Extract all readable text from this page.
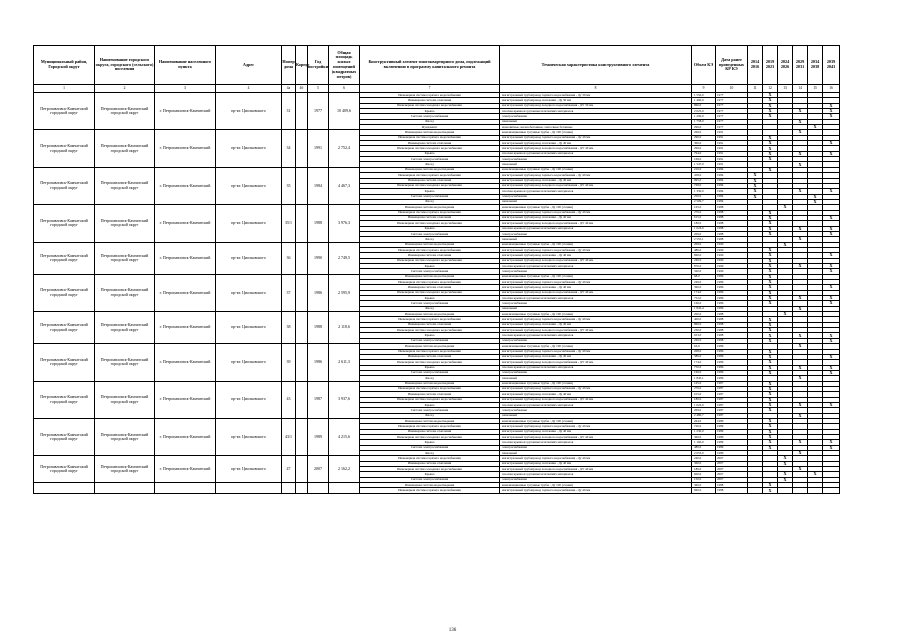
Муниципальный район, Городской округ	Наименование городского округа, городского (сельского) поселения	Наименование населенного пункта	Адрес	Номер дома	Корпус	Год постройки	Общая площадь жилых помещений (квадратных метров)	Конструктивный элемент многоквартирного дома, подлежащий включению в программу капитального ремонта	Техническая характеристика конструктивного элемента	Объем КЭ	Дата ранее проведенных КР КЭ	2014 2016	2019 2023	2024 2026	2029 2031	2034 2038	2039 2043
1	2	3	4	4а	4б	5	6	7	8	9	10	11	12	13	14	15	16
Петропавловск-Камчатский городской округ	Петропавловск-Камчатский городской округ	г. Петропавловск-Камчатский	пр-кт. Циолковского	31		1977	10 409,6	Инженерная система горячего водоснабжения	магистральный трубопровод горячего водоснабжения - Ду 30 мм	1 550,0	1977		X				
								Инженерная система отопления	магистральный трубопровод отопления - Ду 30 мм	1 460,0	1977		X				
								Инженерная система холодного водоснабжения	магистральный трубопровод холодного водоснабжения - ДУ 30 мм	866,0	1977		X				X
								Крыша	плоская крыша из рулонных или мягких материалов	2 025,0	1977		X		X		X
								Система электроснабжения	электроснабжение	1 200,0	1977		X				X
								Фасад	панельный	1 758,0	1977				X		
								Фундамент	монолитные, железобетонные, ленточные бетонные	296,0	1977					X	
Петропавловск-Камчатский городской округ	Петропавловск-Камчатский городской округ	г. Петропавловск-Камчатский	пр-кт. Циолковского	34		1991	2 752,4	Инженерная система водоотведения	канализационные чугунные трубы - Ду 100 (стояки)	269,0	1991				X		
								Инженерная система горячего водоснабжения	магистральный трубопровод горячего водоснабжения - Ду 40 мм	290,0	1991		X				
								Инженерная система отопления	магистральный трубопровод отопления - Ду 40 мм	306,0	1991		X				X
								Инженерная система холодного водоснабжения	магистральный трубопровод холодного водоснабжения - ДУ 40 мм	299,0	1991		X				
								Крыша	плоская крыша из рулонных или мягких материалов	794,0	1991		X		X		X
								Система электроснабжения	электроснабжение	169,0	1991		X				
								Фасад	панельный	1 547,0	1991				X		
Петропавловск-Камчатский городской округ	Петропавловск-Камчатский городской округ	г. Петропавловск-Камчатский	пр-кт. Циолковского	35		1984	4 467,3	Инженерная система водоотведения	канализационные чугунные трубы - Ду 100 (стояки)	210,0	1984		X				
								Инженерная система горячего водоснабжения	магистральный трубопровод горячего водоснабжения - Ду 40 мм	458,0	1984	X					
								Инженерная система отопления	магистральный трубопровод отопления - Ду 40 мм	995,0	1984	X					
								Инженерная система холодного водоснабжения	магистральный трубопровод холодного водоснабжения - ДУ 40 мм	728,0	1984	X					
								Крыша	плоская крыша из рулонных или мягких материалов	1 330,0	1984	X			X		X
								Система электроснабжения	электроснабжение	250,0	1984	X				X	
								Фасад	панельный	2 509,7	1984					X	
Петропавловск-Камчатский городской округ	Петропавловск-Камчатский городской округ	г. Петропавловск-Камчатский	пр-кт. Циолковского	35/1		1988	3 976,3	Инженерная система водоотведения	канализационные чугунные трубы - Ду 100 (стояки)	165,0	1988			X			
								Инженерная система горячего водоснабжения	магистральный трубопровод горячего водоснабжения - Ду 40 мм	270,0	1988		X				
								Инженерная система отопления	магистральный трубопровод отопления - Ду 40 мм	615,0	1988		X				X
								Инженерная система холодного водоснабжения	магистральный трубопровод холодного водоснабжения - ДУ 40 мм	180,0	1988		X				
								Крыша	плоская крыша из рулонных или мягких материалов	1 024,0	1988		X		X		X
								Система электроснабжения	электроснабжение	209,0	1988		X				X
								Фасад	панельный	2 555,1	1988				X		
Петропавловск-Камчатский городской округ	Петропавловск-Камчатский городской округ	г. Петропавловск-Камчатский	пр-кт. Циолковского	36		1990	2 749,5	Инженерная система водоотведения	канализационные чугунные трубы - Ду 100 (стояки)	209,0	1990			X			
								Инженерная система горячего водоснабжения	магистральный трубопровод горячего водоснабжения - Ду 40 мм	480,0	1990		X				
								Инженерная система отопления	магистральный трубопровод отопления - Ду 40 мм	960,0	1990		X				X
								Инженерная система холодного водоснабжения	магистральный трубопровод холодного водоснабжения - ДУ 40 мм	240,0	1990		X				
								Крыша	плоская крыша из рулонных или мягких материалов	870,0	1990		X		X		X
								Система электроснабжения	электроснабжение	320,0	1990		X				X
Петропавловск-Камчатский городской округ	Петропавловск-Камчатский городской округ	г. Петропавловск-Камчатский	пр-кт. Циолковского	37		1986	2 595,9	Инженерная система водоотведения	канализационные чугунные трубы - Ду 100 (стояки)	68,0	1986		X				
								Инженерная система горячего водоснабжения	магистральный трубопровод горячего водоснабжения - Ду 40 мм	249,0	1986		X				
								Инженерная система отопления	магистральный трубопровод отопления - Ду 40 мм	390,0	1986		X				X
								Инженерная система холодного водоснабжения	магистральный трубопровод холодного водоснабжения - ДУ 40 мм	174,0	1986		X				
								Крыша	плоская крыша из рулонных или мягких материалов	752,0	1986		X		X		X
								Система электроснабжения	электроснабжение	166,0	1986		X				X
								Фасад	панельный	1 845,4	1986				X		
Петропавловск-Камчатский городской округ	Петропавловск-Камчатский городской округ	г. Петропавловск-Камчатский	пр-кт. Циолковского	38		1988	2 118,6	Инженерная система водоотведения	канализационные чугунные трубы - Ду 100 (стояки)	200,0	1988			X			
								Инженерная система горячего водоснабжения	магистральный трубопровод горячего водоснабжения - Ду 40 мм	400,0	1988		X				
								Инженерная система отопления	магистральный трубопровод отопления - Ду 40 мм	860,0	1988		X				
								Инженерная система холодного водоснабжения	магистральный трубопровод холодного водоснабжения - ДУ 40 мм	230,0	1988		X				
								Крыша	плоская крыша из рулонных или мягких материалов	653,0	1988		X		X		X
								Система электроснабжения	электроснабжение	220,0	1988		X				X
Петропавловск-Камчатский городской округ	Петропавловск-Камчатский городской округ	г. Петропавловск-Камчатский	пр-кт. Циолковского	39		1986	2 611,3	Инженерная система водоотведения	канализационные чугунные трубы - Ду 100 (стояки)	63,0	1986				X		
								Инженерная система горячего водоснабжения	магистральный трубопровод горячего водоснабжения - Ду 40 мм	208,0	1986		X				
								Инженерная система отопления	магистральный трубопровод отопления - Ду 40 мм	380,0	1986		X				X
								Инженерная система холодного водоснабжения	магистральный трубопровод холодного водоснабжения - ДУ 40 мм	174,0	1986		X				
								Крыша	плоская крыша из рулонных или мягких материалов	750,0	1986		X		X		X
								Система электроснабжения	электроснабжение	166,0	1986		X				X
								Фасад	панельный	1 845,1	1986				X		
Петропавловск-Камчатский городской округ	Петропавловск-Камчатский городской округ	г. Петропавловск-Камчатский	пр-кт. Циолковского	43		1987	3 937,6	Инженерная система водоотведения	канализационные чугунные трубы - Ду 100 (стояки)	165,0	1987		X				
								Инженерная система горячего водоснабжения	магистральный трубопровод горячего водоснабжения - Ду 40 мм	270,0	1987		X				
								Инженерная система отопления	магистральный трубопровод отопления - Ду 40 мм	615,0	1987		X				
								Инженерная система холодного водоснабжения	магистральный трубопровод холодного водоснабжения - ДУ 40 мм	180,0	1987		X				
								Крыша	плоская крыша из рулонных или мягких материалов	1 022,0	1987		X		X		X
								Система электроснабжения	электроснабжение	209,0	1987		X				
								Фасад	панельный	2 480,7	1987				X		
Петропавловск-Камчатский городской округ	Петропавловск-Камчатский городской округ	г. Петропавловск-Камчатский	пр-кт. Циолковского	43/1		1989	4 215,6	Инженерная система водоотведения	канализационные чугунные трубы - Ду 100 (стояки)	264,0	1989		X				
								Инженерная система горячего водоснабжения	магистральный трубопровод горячего водоснабжения - Ду 40 мм	720,0	1989		X				
								Инженерная система отопления	магистральный трубопровод отопления - Ду 40 мм	1 230,0	1989		X				
								Инженерная система холодного водоснабжения	магистральный трубопровод холодного водоснабжения - ДУ 40 мм	360,0	1989		X				
								Крыша	плоская крыша из рулонных или мягких материалов	1 160,0	1989		X		X		X
								Система электроснабжения	электроснабжение	480,0	1989		X				X
								Фасад	панельный	2 653,0	1989				X		
Петропавловск-Камчатский городской округ	Петропавловск-Камчатский городской округ	г. Петропавловск-Камчатский	пр-кт. Циолковского	47		2007	2 162,2	Инженерная система горячего водоснабжения	магистральный трубопровод горячего водоснабжения - Ду 40 мм	240,0	2007			X			
								Инженерная система отопления	магистральный трубопровод отопления - Ду 40 мм	360,0	2007			X			
								Инженерная система холодного водоснабжения	магистральный трубопровод холодного водоснабжения - ДУ 40 мм	180,0	2007				X		
								Крыша	плоская крыша из рулонных или мягких материалов	600,0	2007			X		X	
								Система электроснабжения	электроснабжение	150,0	2007			X			
								Инженерная система водоотведения	канализационные чугунные трубы - Ду 100 (стояки)	360,0	1988		X				
								Инженерная система горячего водоснабжения	магистральный трубопровод горячего водоснабжения - Ду 40 мм	960,0	1988		X				
136
